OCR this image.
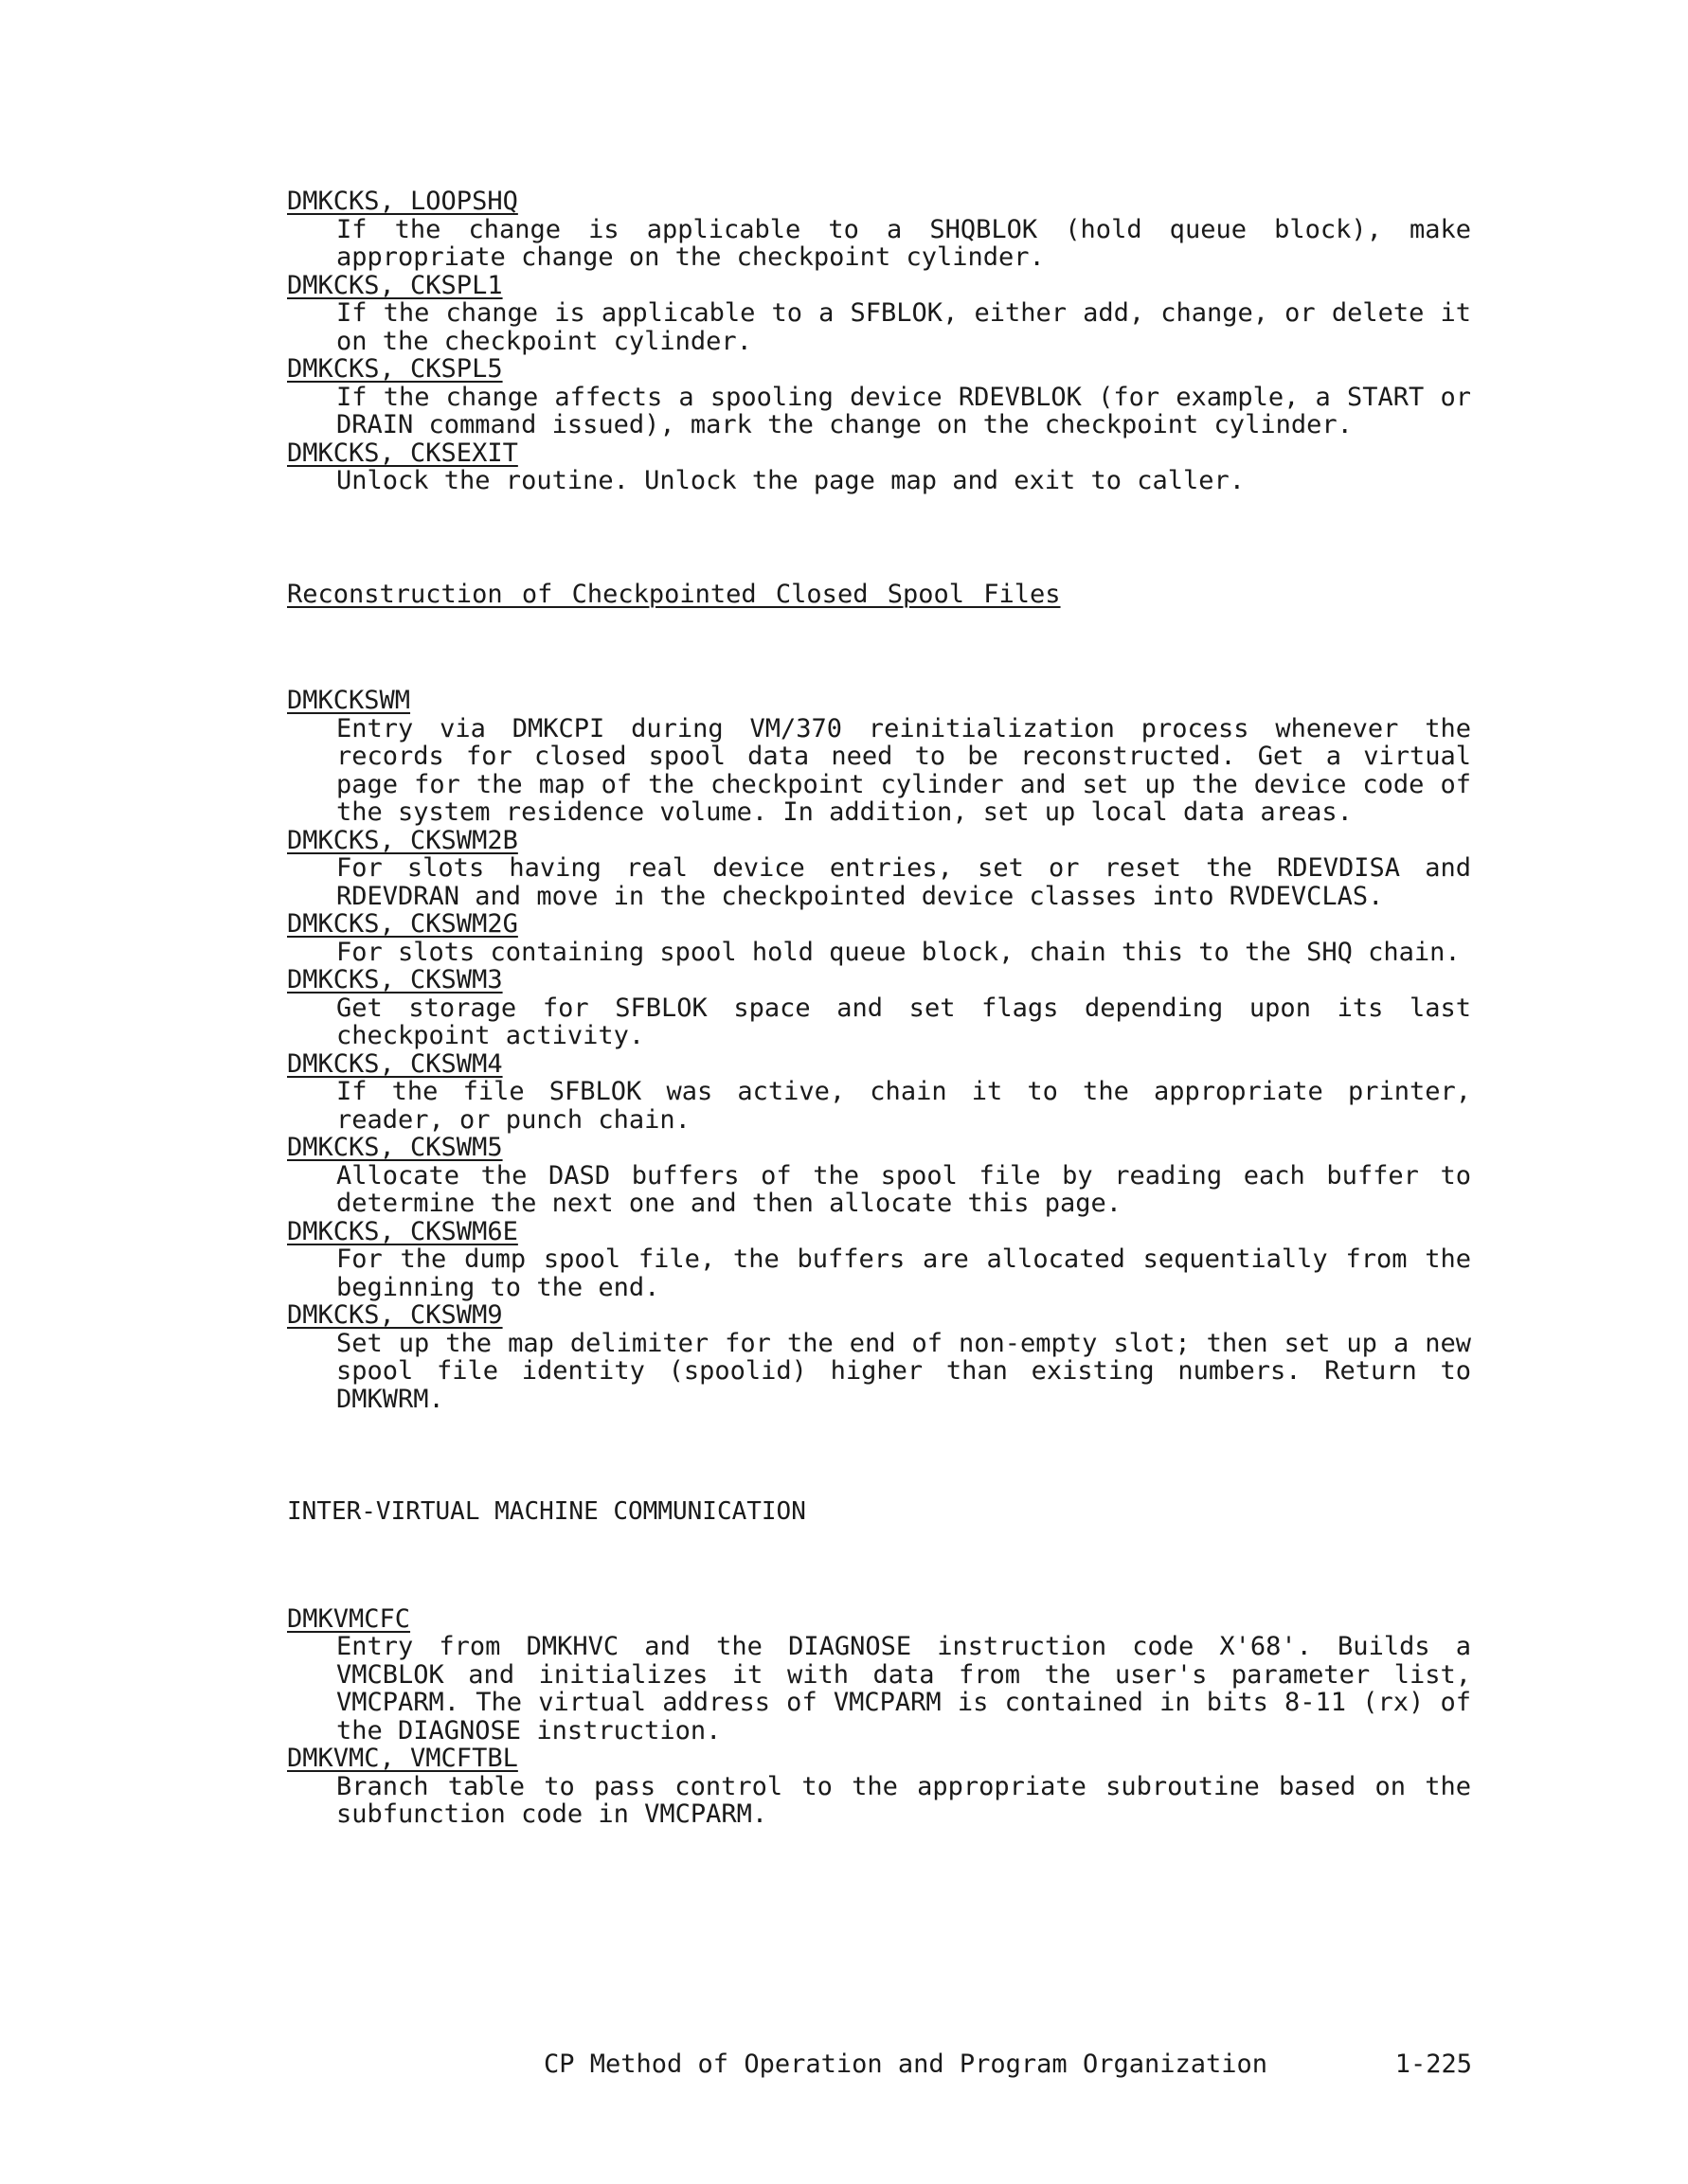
DMKCKS, LOOPSHQ
If the change is applicable to a SHQBLOK (hold queue block), make appropriate change on the checkpoint cylinder.
DMKCKS, CKSPL1
If the change is applicable to a SFBLOK, either add, change, or delete it on the checkpoint cylinder.
DMKCKS, CKSPL5
If the change affects a spooling device RDEVBLOK (for example, a START or DRAIN command issued), mark the change on the checkpoint cylinder.
DMKCKS, CKSEXIT
Unlock the routine. Unlock the page map and exit to caller.
Reconstruction of Checkpointed Closed Spool Files
DMKCKSWM
Entry via DMKCPI during VM/370 reinitialization process whenever the records for closed spool data need to be reconstructed. Get a virtual page for the map of the checkpoint cylinder and set up the device code of the system residence volume. In addition, set up local data areas.
DMKCKS, CKSWM2B
For slots having real device entries, set or reset the RDEVDISA and RDEVDRAN and move in the checkpointed device classes into RVDEVCLAS.
DMKCKS, CKSWM2G
For slots containing spool hold queue block, chain this to the SHQ chain.
DMKCKS, CKSWM3
Get storage for SFBLOK space and set flags depending upon its last checkpoint activity.
DMKCKS, CKSWM4
If the file SFBLOK was active, chain it to the appropriate printer, reader, or punch chain.
DMKCKS, CKSWM5
Allocate the DASD buffers of the spool file by reading each buffer to determine the next one and then allocate this page.
DMKCKS, CKSWM6E
For the dump spool file, the buffers are allocated sequentially from the beginning to the end.
DMKCKS, CKSWM9
Set up the map delimiter for the end of non-empty slot; then set up a new spool file identity (spoolid) higher than existing numbers. Return to DMKWRM.
INTER-VIRTUAL MACHINE COMMUNICATION
DMKVMCFC
Entry from DMKHVC and the DIAGNOSE instruction code X'68'. Builds a VMCBLOK and initializes it with data from the user's parameter list, VMCPARM. The virtual address of VMCPARM is contained in bits 8-11 (rx) of the DIAGNOSE instruction.
DMKVMC, VMCFTBL
Branch table to pass control to the appropriate subroutine based on the subfunction code in VMCPARM.
CP Method of Operation and Program Organization	1-225
